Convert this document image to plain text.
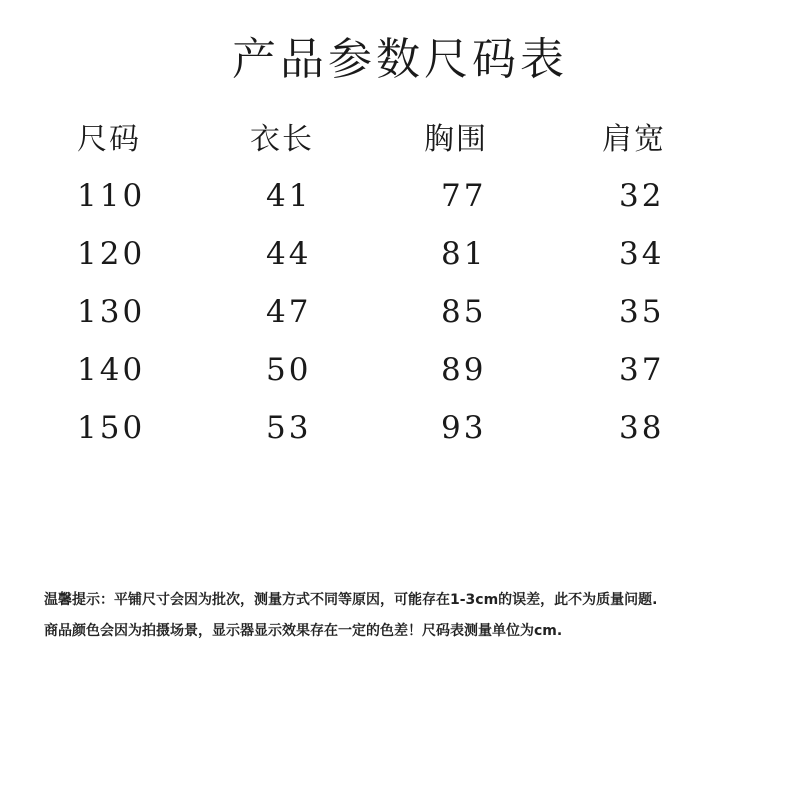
产品参数尺码表
尺码	衣长	胸围	肩宽
110	41	77	32
120	44	81	34
130	47	85	35
140	50	89	37
150	53	93	38
温馨提示：平铺尺寸会因为批次，测量方式不同等原因，可能存在1-3cm的误差，此不为质量问题.
商品颜色会因为拍摄场景，显示器显示效果存在一定的色差！尺码表测量单位为cm.
